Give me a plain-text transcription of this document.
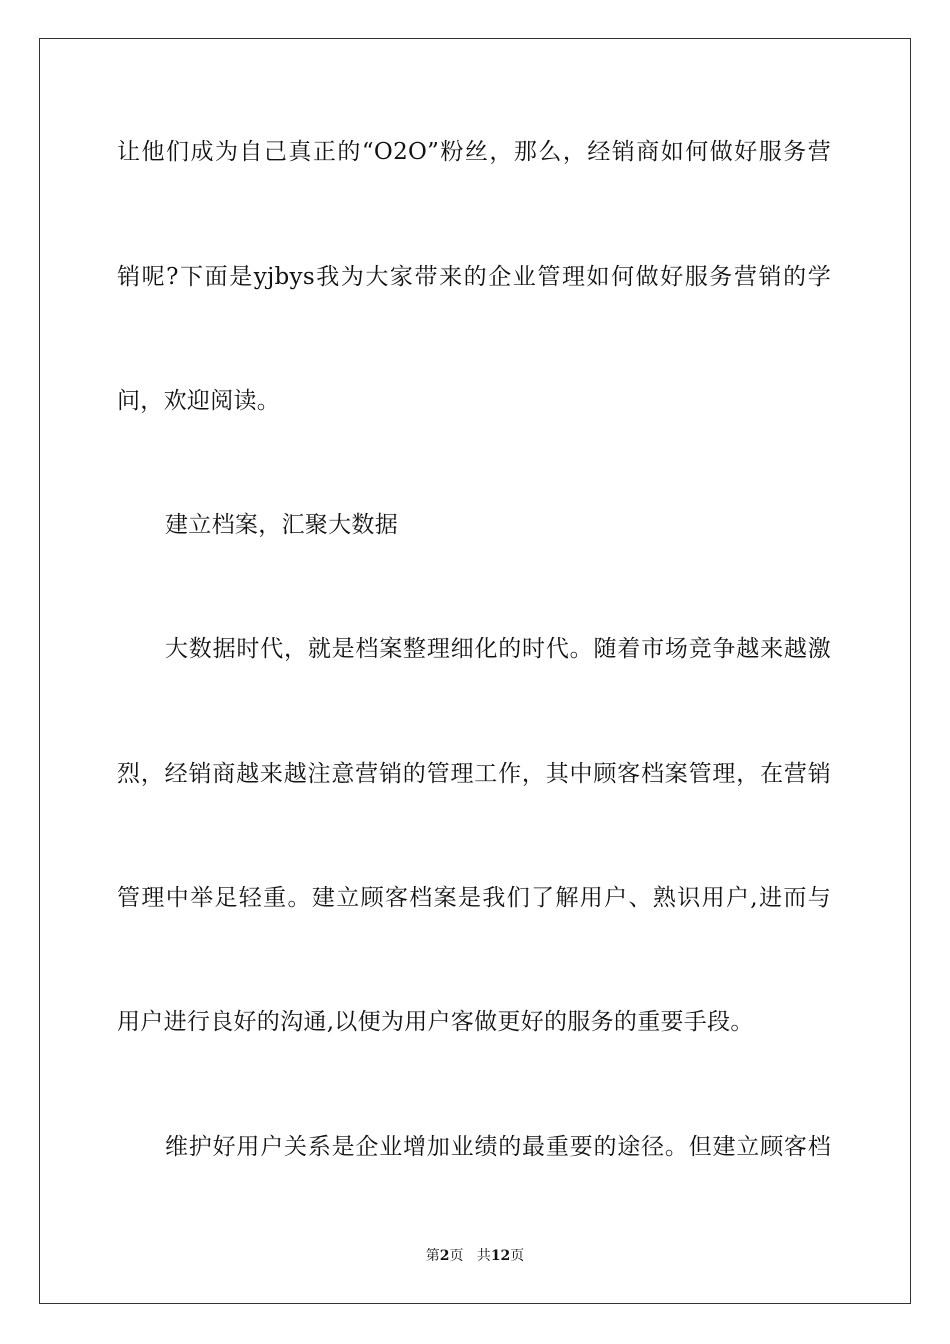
让他们成为自己真正的“O2O”粉丝，那么，经销商如何做好服务营
销呢?下面是yjbys我为大家带来的企业管理如何做好服务营销的学
问，欢迎阅读。
建立档案，汇聚大数据
大数据时代，就是档案整理细化的时代。随着市场竞争越来越激
烈，经销商越来越注意营销的管理工作，其中顾客档案管理，在营销
管理中举足轻重。建立顾客档案是我们了解用户、熟识用户,进而与
用户进行良好的沟通,以便为用户客做更好的服务的重要手段。
维护好用户关系是企业增加业绩的最重要的途径。但建立顾客档
第2页 共12页
